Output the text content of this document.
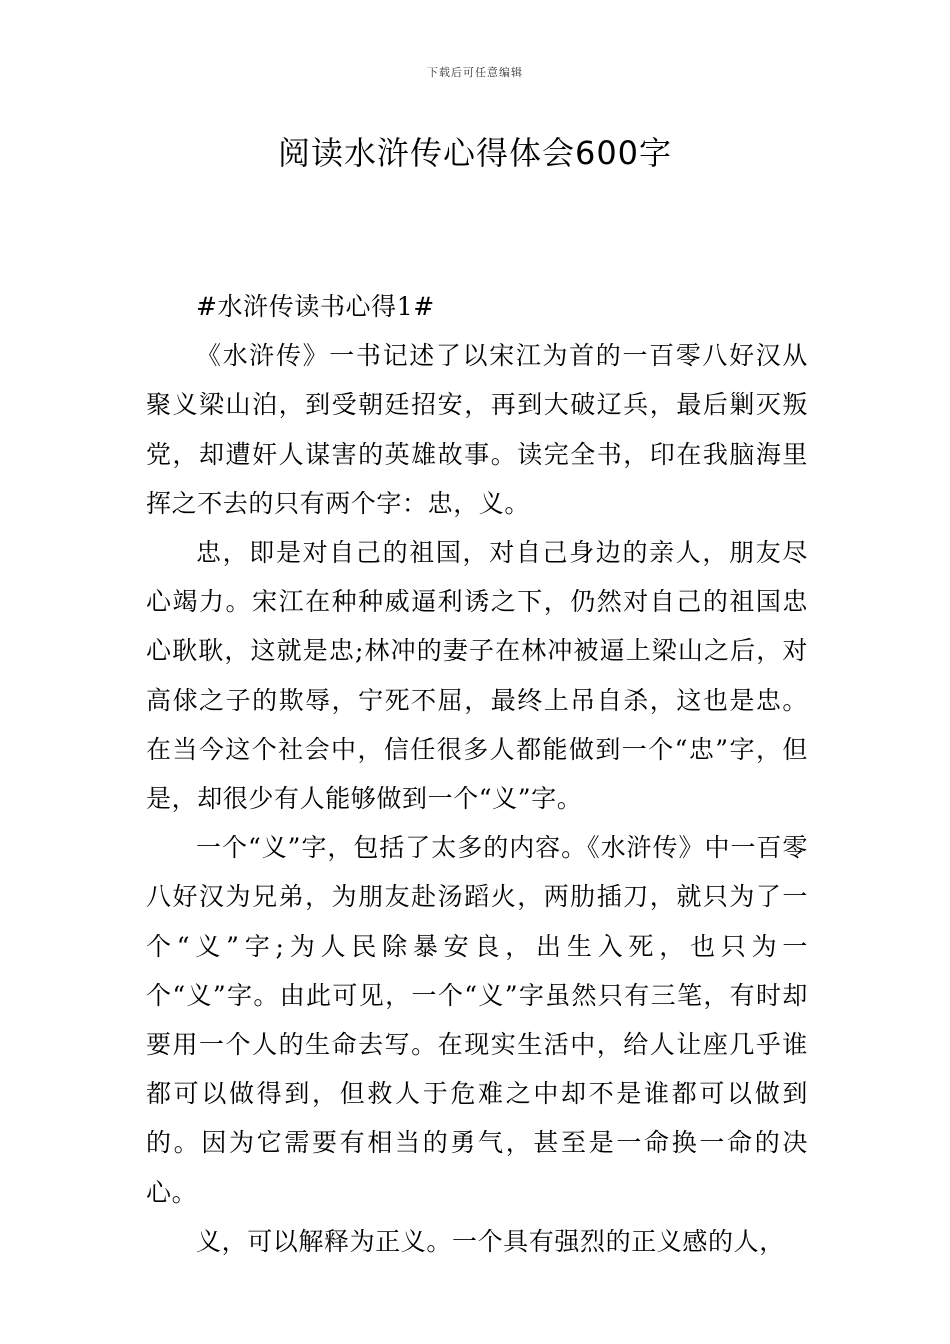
下载后可任意编辑
阅读水浒传心得体会600字

#水浒传读书心得1#

《水浒传》一书记述了以宋江为首的一百零八好汉从聚义梁山泊，到受朝廷招安，再到大破辽兵，最后剿灭叛党，却遭奸人谋害的英雄故事。读完全书，印在我脑海里挥之不去的只有两个字：忠，义。

忠，即是对自己的祖国，对自己身边的亲人，朋友尽心竭力。宋江在种种威逼利诱之下，仍然对自己的祖国忠心耿耿，这就是忠;林冲的妻子在林冲被逼上梁山之后，对高俅之子的欺辱，宁死不屈，最终上吊自杀，这也是忠。在当今这个社会中，信任很多人都能做到一个“忠”字，但是，却很少有人能够做到一个“义”字。

一个“义”字，包括了太多的内容。《水浒传》中一百零八好汉为兄弟，为朋友赴汤蹈火，两肋插刀，就只为了一个“义”字;为人民除暴安良，出生入死，也只为一个“义”字。由此可见，一个“义”字虽然只有三笔，有时却要用一个人的生命去写。在现实生活中，给人让座几乎谁都可以做得到，但救人于危难之中却不是谁都可以做到的。因为它需要有相当的勇气，甚至是一命换一命的决心。

义，可以解释为正义。一个具有强烈的正义感的人，
